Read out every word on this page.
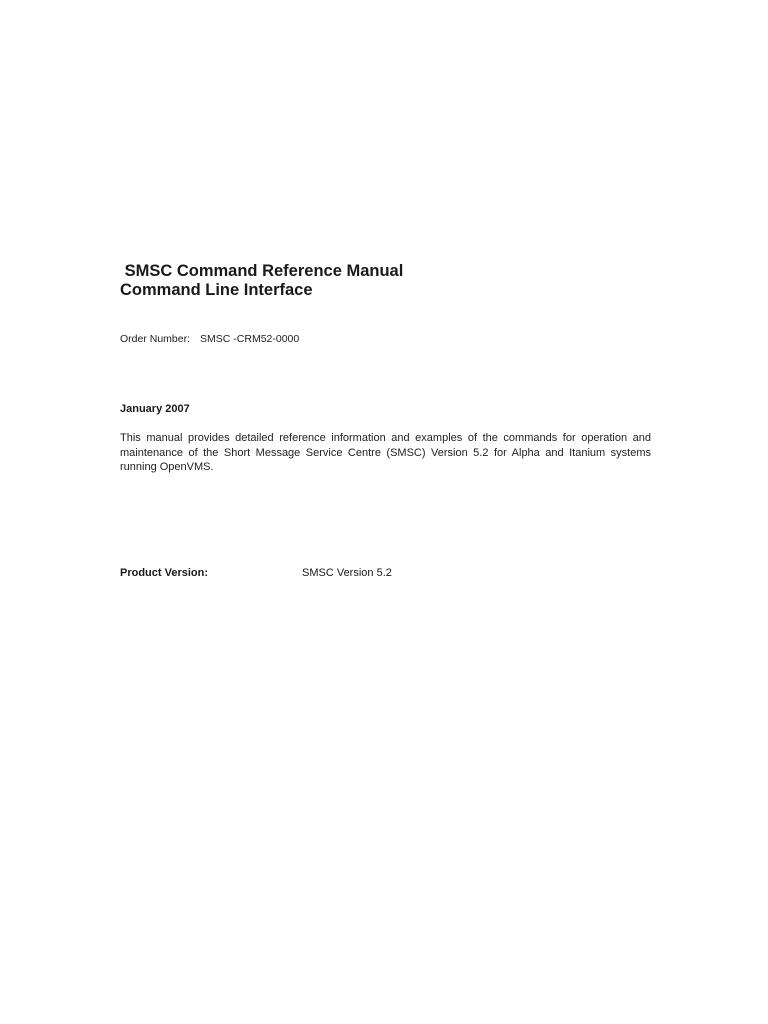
SMSC Command Reference Manual
Command Line Interface
Order Number: SMSC -CRM52-0000
January 2007
This manual provides detailed reference information and examples of the commands for operation and maintenance of the Short Message Service Centre (SMSC) Version 5.2 for Alpha and Itanium systems running OpenVMS.
Product Version:	SMSC Version 5.2
